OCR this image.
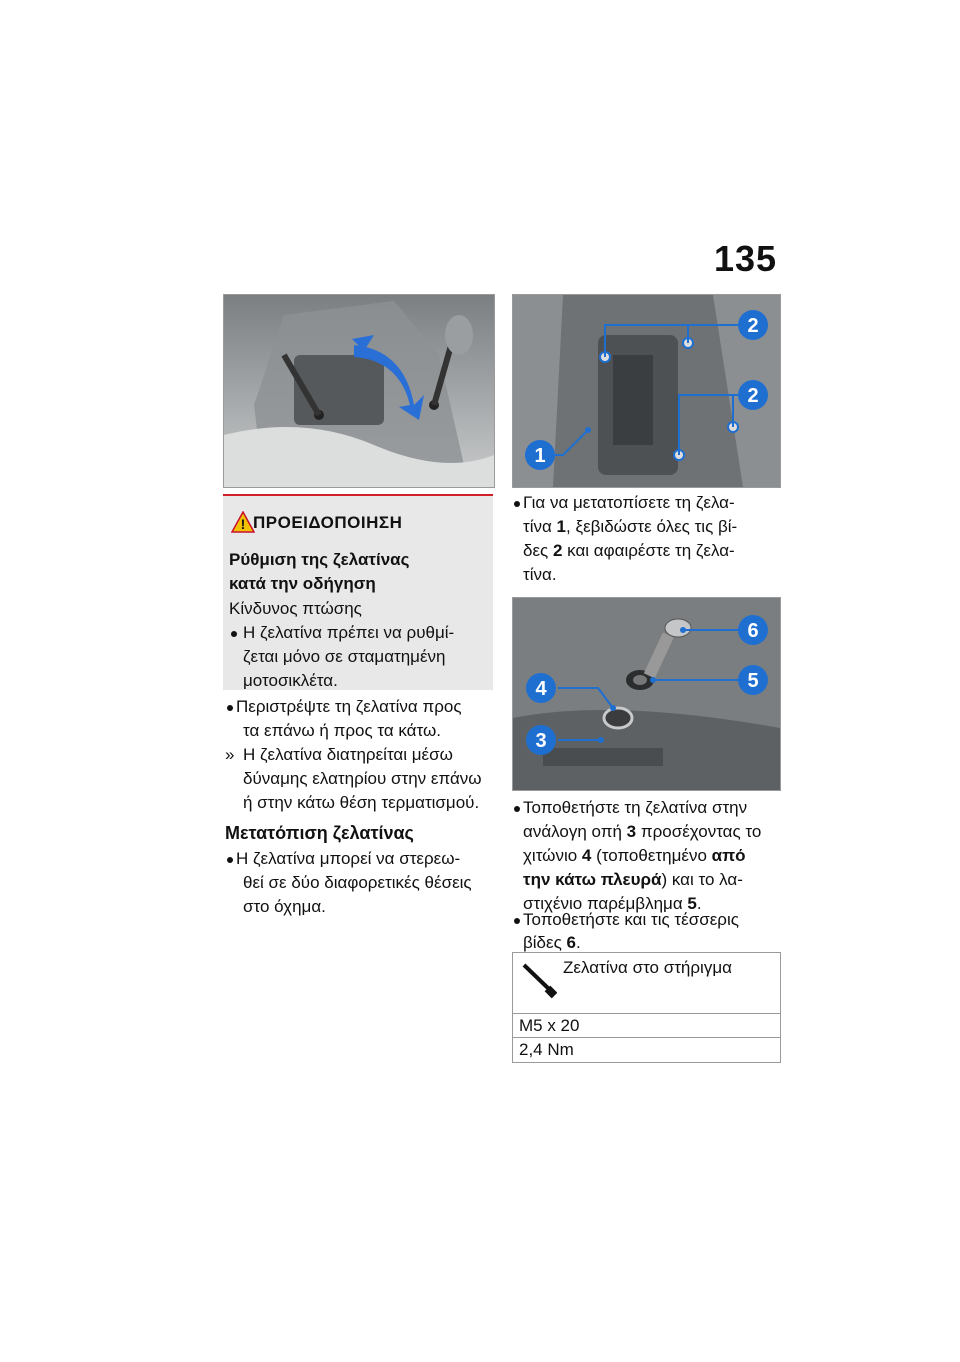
135
2
2
1
! ΠΡΟΕΙΔΟΠΟΙΗΣΗ
Ρύθμιση της ζελατίνας
κατά την οδήγηση
Κίνδυνος πτώσης
Η ζελατίνα πρέπει να ρυθμί-
ζεται μόνο σε σταματημένη
μοτοσικλέτα.
Περιστρέψτε τη ζελατίνα προς
τα επάνω ή προς τα κάτω.
» Η ζελατίνα διατηρείται μέσω
δύναμης ελατηρίου στην επάνω
ή στην κάτω θέση τερματισμού.
Μετατόπιση ζελατίνας
Η ζελατίνα μπορεί να στερεω-
θεί σε δύο διαφορετικές θέσεις
στο όχημα.
Για να μετατοπίσετε τη ζελα-
τίνα 1, ξεβιδώστε όλες τις βί-
δες 2 και αφαιρέστε τη ζελα-
τίνα.
6
5
4
3
Τοποθετήστε τη ζελατίνα στην
ανάλογη οπή 3 προσέχοντας το
χιτώνιο 4 (τοποθετημένο από
την κάτω πλευρά) και το λα-
στιχένιο παρέμβλημα 5.
Τοποθετήστε και τις τέσσερις
βίδες 6.
Ζελατίνα στο στήριγμα
M5 x 20
2,4 Nm
